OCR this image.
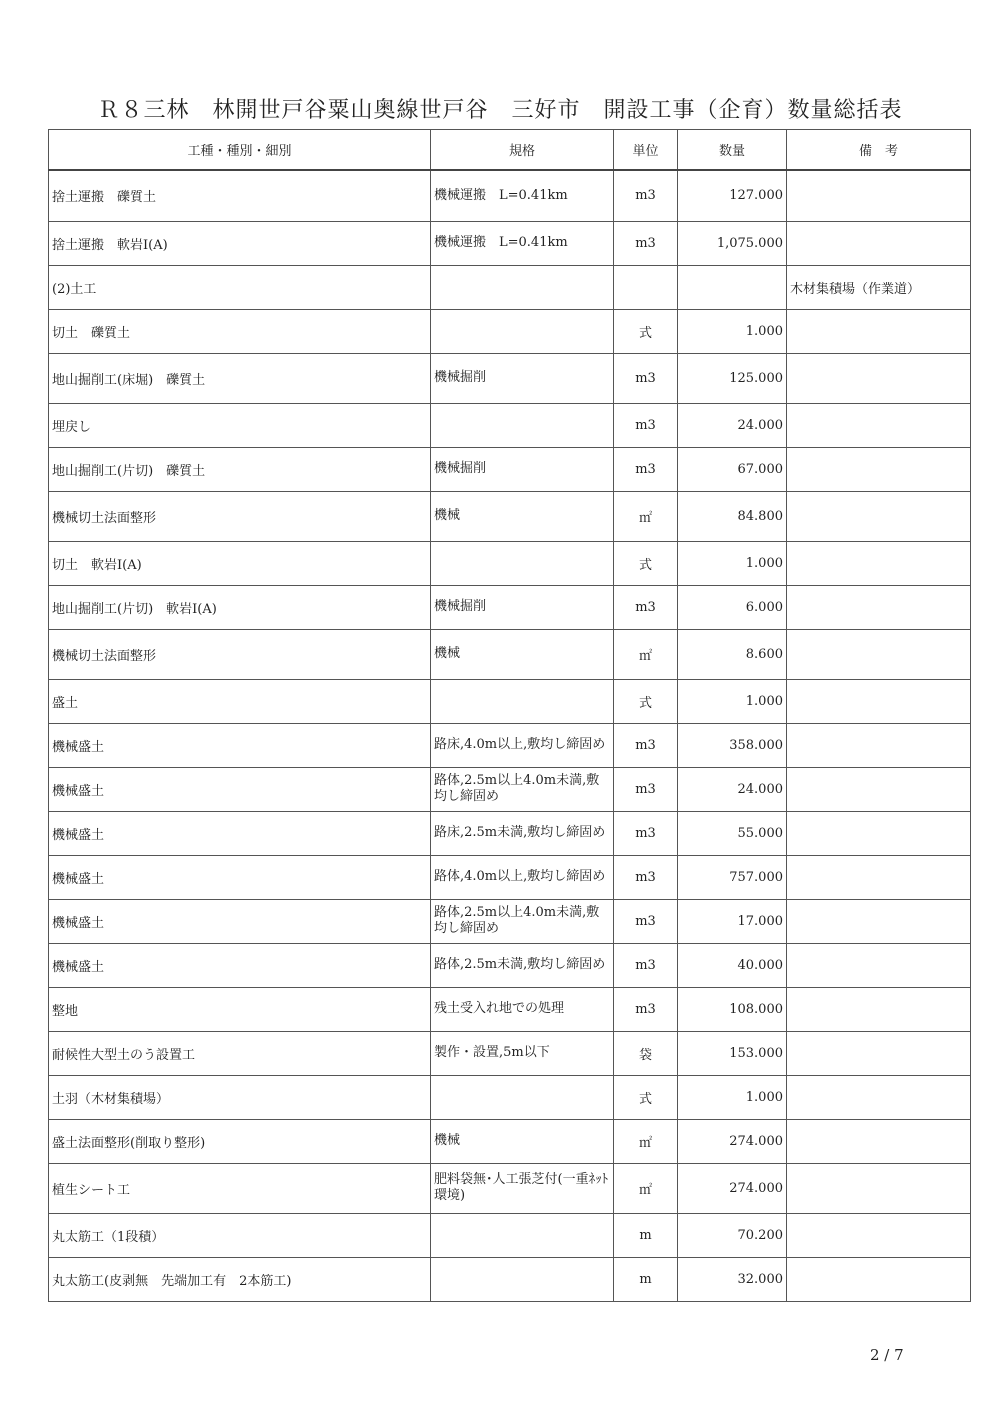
Ｒ８三林　林開世戸谷粟山奥線世戸谷　三好市　開設工事（企育）数量総括表
工種・種別・細別	規格	単位	数量	備　考
捨土運搬　礫質土	機械運搬　L=0.41km	m3	127.000	
捨土運搬　軟岩Ⅰ(A)	機械運搬　L=0.41km	m3	1,075.000	
(2)土工				木材集積場（作業道）
切土　礫質土		式	1.000	
地山掘削工(床堀)　礫質土	機械掘削	m3	125.000	
埋戻し		m3	24.000	
地山掘削工(片切)　礫質土	機械掘削	m3	67.000	
機械切土法面整形	機械	㎡	84.800	
切土　軟岩Ⅰ(A)		式	1.000	
地山掘削工(片切)　軟岩Ⅰ(A)	機械掘削	m3	6.000	
機械切土法面整形	機械	㎡	8.600	
盛土		式	1.000	
機械盛土	路床,4.0m以上,敷均し締固め	m3	358.000	
機械盛土	路体,2.5m以上4.0m未満,敷均し締固め	m3	24.000	
機械盛土	路床,2.5m未満,敷均し締固め	m3	55.000	
機械盛土	路体,4.0m以上,敷均し締固め	m3	757.000	
機械盛土	路体,2.5m以上4.0m未満,敷均し締固め	m3	17.000	
機械盛土	路体,2.5m未満,敷均し締固め	m3	40.000	
整地	残土受入れ地での処理	m3	108.000	
耐候性大型土のう設置工	製作・設置,5m以下	袋	153.000	
土羽（木材集積場）		式	1.000	
盛土法面整形(削取り整形)	機械	㎡	274.000	
植生シート工	肥料袋無･人工張芝付(一重ﾈｯﾄ環境)	㎡	274.000	
丸太筋工（1段積）		m	70.200	
丸太筋工(皮剥無　先端加工有　2本筋工)		m	32.000	
2 / 7
